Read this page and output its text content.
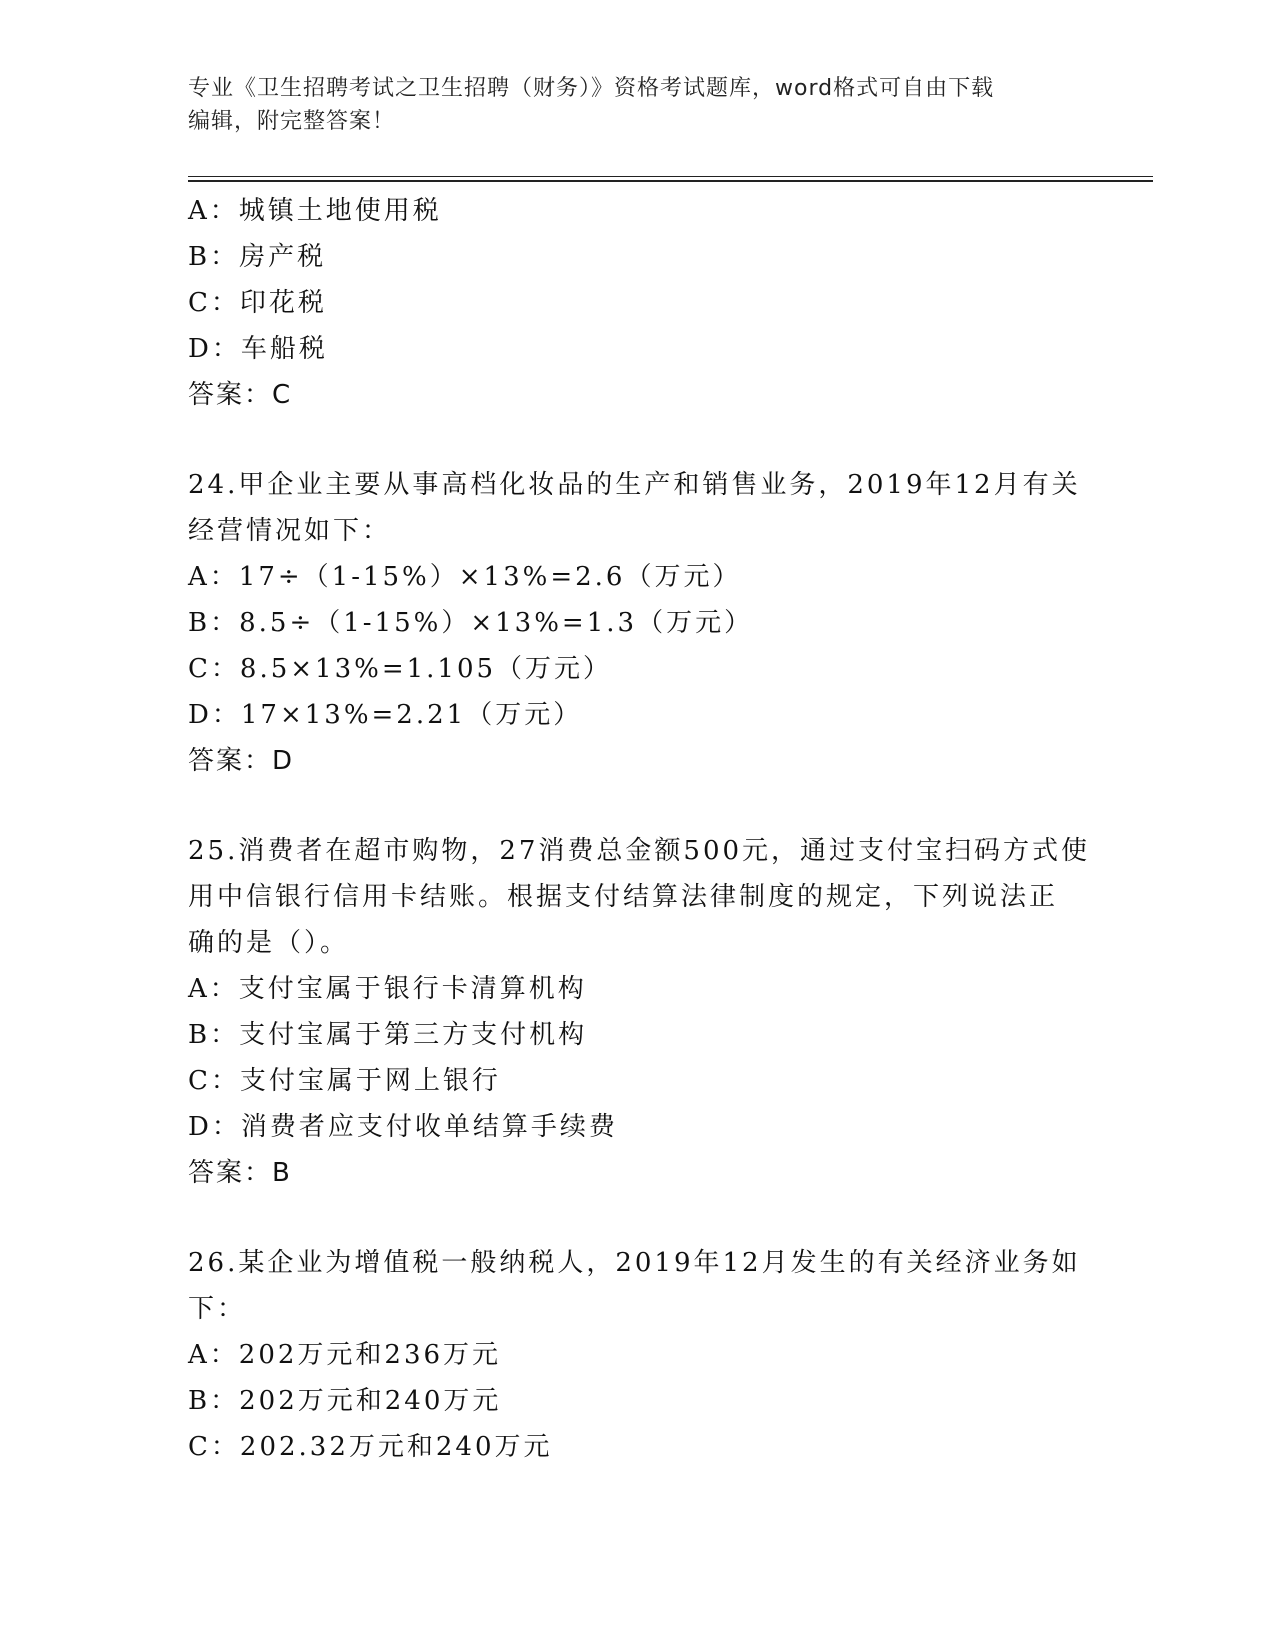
专业《卫生招聘考试之卫生招聘（财务）》资格考试题库，word格式可自由下载
编辑，附完整答案！
A：城镇土地使用税
B：房产税
C：印花税
D：车船税
答案：C
24.甲企业主要从事高档化妆品的生产和销售业务，2019年12月有关
经营情况如下：
A：17÷（1-15%）×13%=2.6（万元）
B：8.5÷（1-15%）×13%=1.3（万元）
C：8.5×13%=1.105（万元）
D：17×13%=2.21（万元）
答案：D
25.消费者在超市购物，27消费总金额500元，通过支付宝扫码方式使
用中信银行信用卡结账。根据支付结算法律制度的规定，下列说法正
确的是（）。
A：支付宝属于银行卡清算机构
B：支付宝属于第三方支付机构
C：支付宝属于网上银行
D：消费者应支付收单结算手续费
答案：B
26.某企业为增值税一般纳税人，2019年12月发生的有关经济业务如
下：
A：202万元和236万元
B：202万元和240万元
C：202.32万元和240万元
